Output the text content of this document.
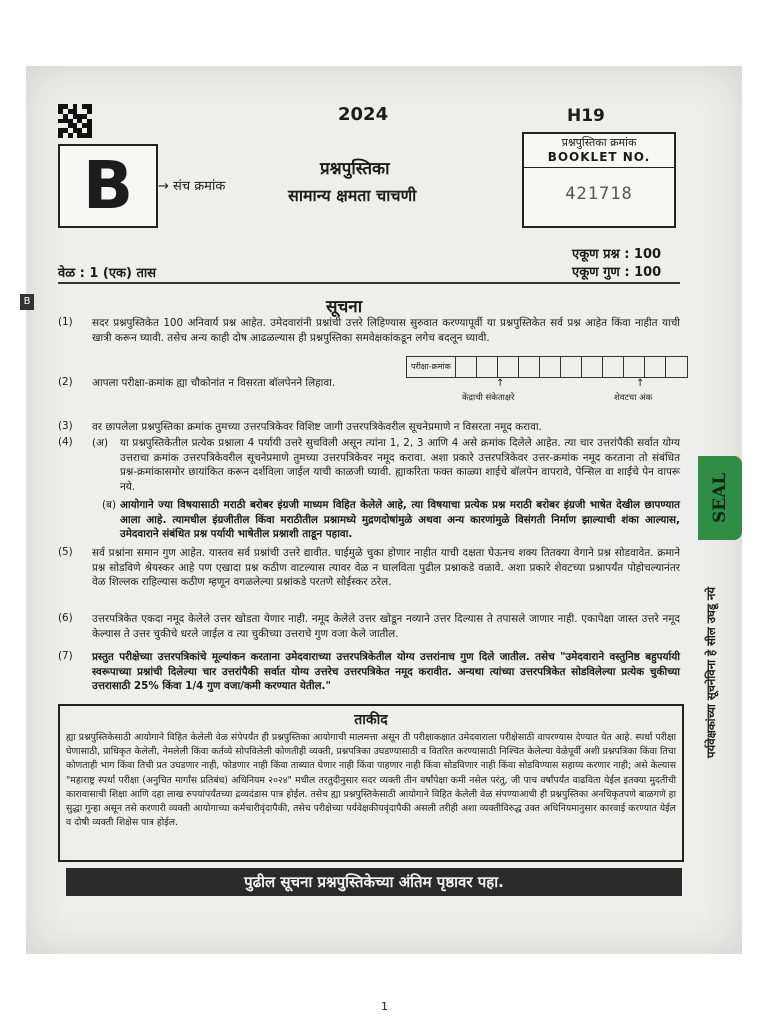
2024	H19
B	→ संच क्रमांक
प्रश्नपुस्तिका
सामान्य क्षमता चाचणी
प्रश्नपुस्तिका क्रमांक
BOOKLET NO.
421718
एकूण प्रश्न : 100
एकूण गुण : 100
वेळ : 1 (एक) तास
B	सूचना
(1) सदर प्रश्नपुस्तिकेत 100 अनिवार्य प्रश्न आहेत. उमेदवारांनी प्रश्नांची उत्तरे लिहिण्यास सुरुवात करण्यापूर्वी या प्रश्नपुस्तिकेत सर्व प्रश्न आहेत किंवा नाहीत याची खात्री करून घ्यावी. तसेच अन्य काही दोष आढळल्यास ही प्रश्नपुस्तिका समवेक्षकांकडून लगेच बदलून घ्यावी.
(2) आपला परीक्षा-क्रमांक ह्या चौकोनांत न विसरता बॉलपेनने लिहावा.
परीक्षा-क्रमांक
↑	↑
केंद्राची संकेताक्षरे	शेवटचा अंक
(3) वर छापलेला प्रश्नपुस्तिका क्रमांक तुमच्या उत्तरपत्रिकेवर विशिष्ट जागी उत्तरपत्रिकेवरील सूचनेप्रमाणे न विसरता नमूद करावा.
(4) (अ) या प्रश्नपुस्तिकेतील प्रत्येक प्रश्नाला 4 पर्यायी उत्तरे सुचविली असून त्यांना 1, 2, 3 आणि 4 असे क्रमांक दिलेले आहेत. त्या चार उत्तरांपैकी सर्वात योग्य उत्तराचा क्रमांक उत्तरपत्रिकेवरील सूचनेप्रमाणे तुमच्या उत्तरपत्रिकेवर नमूद करावा. अशा प्रकारे उत्तरपत्रिकेवर उत्तर-क्रमांक नमूद करताना तो संबंधित प्रश्न-क्रमांकासमोर छायांकित करून दर्शविला जाईल याची काळजी घ्यावी. ह्याकरिता फक्त काळ्या शाईचे बॉलपेन वापरावे, पेन्सिल वा शाईचे पेन वापरू नये.
(ब) आयोगाने ज्या विषयासाठी मराठी बरोबर इंग्रजी माध्यम विहित केलेले आहे, त्या विषयाचा प्रत्येक प्रश्न मराठी बरोबर इंग्रजी भाषेत देखील छापण्यात आला आहे. त्यामधील इंग्रजीतील किंवा मराठीतील प्रश्नामध्ये मुद्रणदोषांमुळे अथवा अन्य कारणांमुळे विसंगती निर्माण झाल्याची शंका आल्यास, उमेदवाराने संबंधित प्रश्न पर्यायी भाषेतील प्रश्नाशी ताडून पहावा.
(5) सर्व प्रश्नांना समान गुण आहेत. यास्तव सर्व प्रश्नांची उत्तरे द्यावीत. घाईमुळे चुका होणार नाहीत याची दक्षता घेऊनच शक्य तितक्या वेगाने प्रश्न सोडवावेत. क्रमाने प्रश्न सोडविणे श्रेयस्कर आहे पण एखादा प्रश्न कठीण वाटल्यास त्यावर वेळ न घालविता पुढील प्रश्नाकडे वळावे. अशा प्रकारे शेवटच्या प्रश्नापर्यंत पोहोचल्यानंतर वेळ शिल्लक राहिल्यास कठीण म्हणून वगळलेल्या प्रश्नांकडे परतणे सोईस्कर ठरेल.
(6) उत्तरपत्रिकेत एकदा नमूद केलेले उत्तर खोडता येणार नाही. नमूद केलेले उत्तर खोडून नव्याने उत्तर दिल्यास ते तपासले जाणार नाही. एकापेक्षा जास्त उत्तरे नमूद केल्यास ते उत्तर चुकीचे धरले जाईल व त्या चुकीच्या उत्तराचे गुण वजा केले जातील.
(7) प्रस्तुत परीक्षेच्या उत्तरपत्रिकांचे मूल्यांकन करताना उमेदवाराच्या उत्तरपत्रिकेतील योग्य उत्तरांनाच गुण दिले जातील. तसेच "उमेदवाराने वस्तुनिष्ठ बहुपर्यायी स्वरूपाच्या प्रश्नांची दिलेल्या चार उत्तरांपैकी सर्वात योग्य उत्तरेच उत्तरपत्रिकेत नमूद करावीत. अन्यथा त्यांच्या उत्तरपत्रिकेत सोडविलेल्या प्रत्येक चुकीच्या उत्तरासाठी 25% किंवा 1/4 गुण वजा/कमी करण्यात येतील."
SEAL
पर्यवेक्षकांच्या सूचनेविना हे सील उघडू नये
ताकीद
ह्या प्रश्नपुस्तिकेसाठी आयोगाने विहित केलेली वेळ संपेपर्यंत ही प्रश्नपुस्तिका आयोगाची मालमत्ता असून ती परीक्षाकक्षात उमेदवाराला परीक्षेसाठी वापरण्यास देण्यात येत आहे. स्पर्धा परीक्षा घेणासाठी, प्राधिकृत केलेली, नेमलेली किंवा कर्तव्ये सोपविलेली कोणतीही व्यक्ती, प्रश्नपत्रिका उघडण्यासाठी व वितरित करण्यासाठी निश्चित केलेल्या वेळेपूर्वी अशी प्रश्नपत्रिका किंवा तिचा कोणताही भाग किंवा तिची प्रत उघडणार नाही, फोडणार नाही किंवा ताब्यात घेणार नाही किंवा पाहणार नाही किंवा सोडविणार नाही किंवा सोडविण्यास सहाय्य करणार नाही; असे केल्यास "महाराष्ट्र स्पर्धा परीक्षा (अनुचित मार्गांस प्रतिबंध) अधिनियम २०२४" मधील तरतुदीनुसार सदर व्यक्ती तीन वर्षांपेक्षा कमी नसेल परंतु, जी पाच वर्षांपर्यंत वाढविता येईल इतक्या मुदतीची कारावासाची शिक्षा आणि दहा लाख रुपयांपर्यंतच्या द्रव्यदंडास पात्र होईल. तसेच ह्या प्रश्नपुस्तिकेसाठी आयोगाने विहित केलेली वेळ संपण्याआधी ही प्रश्नपुस्तिका अनधिकृतपणे बाळगणे हा सुद्धा गुन्हा असून तसे करणारी व्यक्ती आयोगाच्या कर्मचारीवृंदापैकी, तसेच परीक्षेच्या पर्यवेक्षकीयवृंदापैकी असली तरीही अशा व्यक्तीविरुद्ध उक्त अधिनियमानुसार कारवाई करण्यात येईल व दोषी व्यक्ती शिक्षेस पात्र होईल.
पुढील सूचना प्रश्नपुस्तिकेच्या अंतिम पृष्ठावर पहा.
1
